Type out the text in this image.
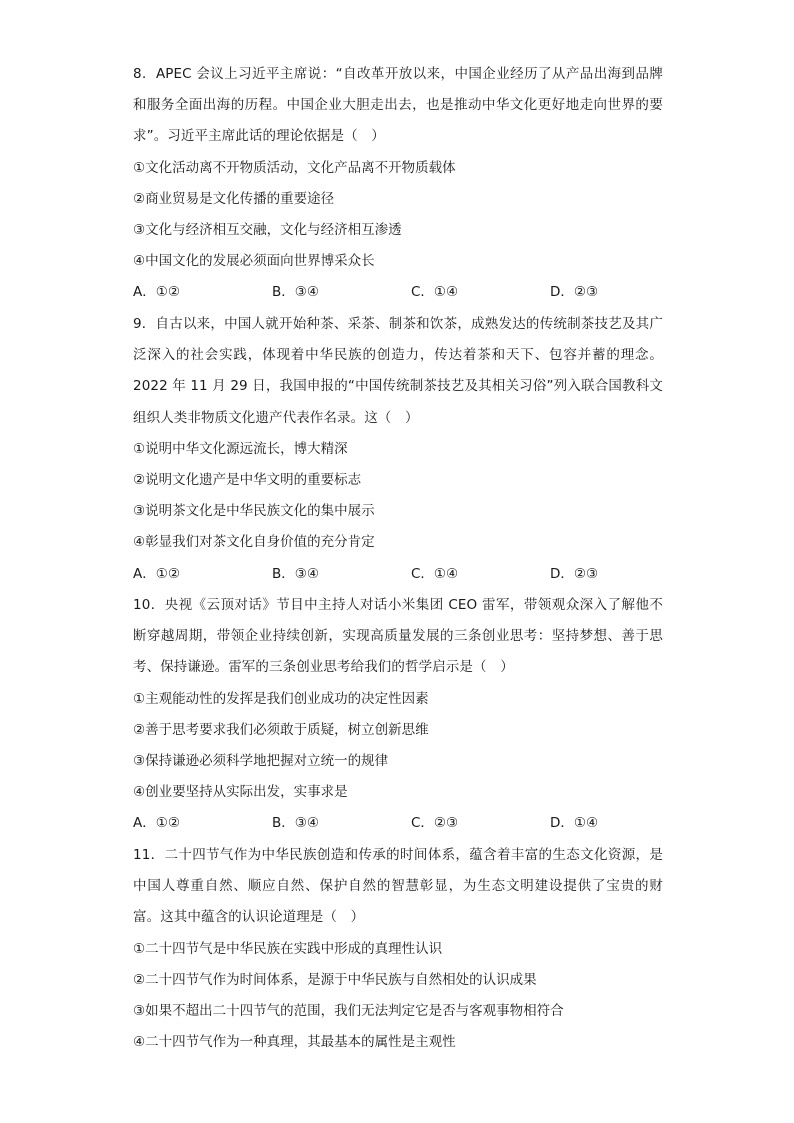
8．APEC 会议上习近平主席说：“自改革开放以来，中国企业经历了从产品出海到品牌和服务全面出海的历程。中国企业大胆走出去，也是推动中华文化更好地走向世界的要求”。习近平主席此话的理论依据是（　）

①文化活动离不开物质活动，文化产品离不开物质载体

②商业贸易是文化传播的重要途径

③文化与经济相互交融，文化与经济相互渗透

④中国文化的发展必须面向世界博采众长

A．①②	B．③④	C．①④	D．②③

9．自古以来，中国人就开始种茶、采茶、制茶和饮茶，成熟发达的传统制茶技艺及其广泛深入的社会实践，体现着中华民族的创造力，传达着茶和天下、包容并蓄的理念。2022 年 11 月 29 日，我国申报的“中国传统制茶技艺及其相关习俗”列入联合国教科文组织人类非物质文化遗产代表作名录。这（　）

①说明中华文化源远流长，博大精深

②说明文化遗产是中华文明的重要标志

③说明茶文化是中华民族文化的集中展示

④彰显我们对茶文化自身价值的充分肯定

A．①②	B．③④	C．①④	D．②③

10．央视《云顶对话》节目中主持人对话小米集团 CEO 雷军，带领观众深入了解他不断穿越周期，带领企业持续创新，实现高质量发展的三条创业思考：坚持梦想、善于思考、保持谦逊。雷军的三条创业思考给我们的哲学启示是（　）

①主观能动性的发挥是我们创业成功的决定性因素

②善于思考要求我们必须敢于质疑，树立创新思维

③保持谦逊必须科学地把握对立统一的规律

④创业要坚持从实际出发，实事求是

A．①②	B．③④	C．②③	D．①④

11．二十四节气作为中华民族创造和传承的时间体系，蕴含着丰富的生态文化资源，是中国人尊重自然、顺应自然、保护自然的智慧彰显，为生态文明建设提供了宝贵的财富。这其中蕴含的认识论道理是（　）

①二十四节气是中华民族在实践中形成的真理性认识

②二十四节气作为时间体系，是源于中华民族与自然相处的认识成果

③如果不超出二十四节气的范围，我们无法判定它是否与客观事物相符合

④二十四节气作为一种真理，其最基本的属性是主观性
